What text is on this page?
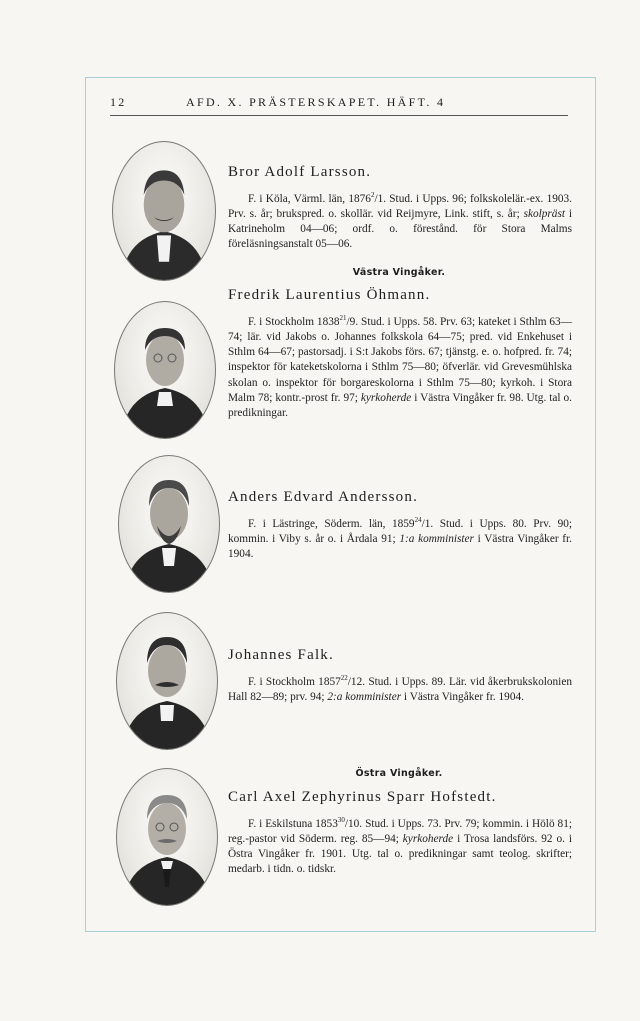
12	AFD. X. PRÄSTERSKAPET. HÄFT. 4
Bror Adolf Larsson.
F. i Köla, Värml. län, 1876$^2$/1. Stud. i Upps. 96; folkskolelär.-ex. 1903. Prv. s. år; brukspred. o. skollär. vid Reijmyre, Link. stift, s. år; skolpräst i Katrineholm 04—06; ordf. o. förestånd. för Stora Malms föreläsningsanstalt 05—06.
Västra Vingåker.
Fredrik Laurentius Öhmann.
F. i Stockholm 1838$^{21}$/9. Stud. i Upps. 58. Prv. 63; kateket i Sthlm 63—74; lär. vid Jakobs o. Johannes folkskola 64—75; pred. vid Enkehuset i Sthlm 64—67; pastorsadj. i S:t Jakobs förs. 67; tjänstg. e. o. hofpred. fr. 74; inspektor för kateketskolorna i Sthlm 75—80; öfverlär. vid Grevesmühlska skolan o. inspektor för borgareskolorna i Sthlm 75—80; kyrkoh. i Stora Malm 78; kontr.-prost fr. 97; kyrkoherde i Västra Vingåker fr. 98. Utg. tal o. predikningar.
Anders Edvard Andersson.
F. i Lästringe, Söderm. län, 1859$^{24}$/1. Stud. i Upps. 80. Prv. 90; kommin. i Viby s. år o. i Årdala 91; 1:a komminister i Västra Vingåker fr. 1904.
Johannes Falk.
F. i Stockholm 1857$^{22}$/12. Stud. i Upps. 89. Lär. vid åkerbrukskolonien Hall 82—89; prv. 94; 2:a komminister i Västra Vingåker fr. 1904.
Östra Vingåker.
Carl Axel Zephyrinus Sparr Hofstedt.
F. i Eskilstuna 1853$^{30}$/10. Stud. i Upps. 73. Prv. 79; kommin. i Hölö 81; reg.-pastor vid Söderm. reg. 85—94; kyrkoherde i Trosa landsförs. 92 o. i Östra Vingåker fr. 1901. Utg. tal o. predikningar samt teolog. skrifter; medarb. i tidn. o. tidskr.
